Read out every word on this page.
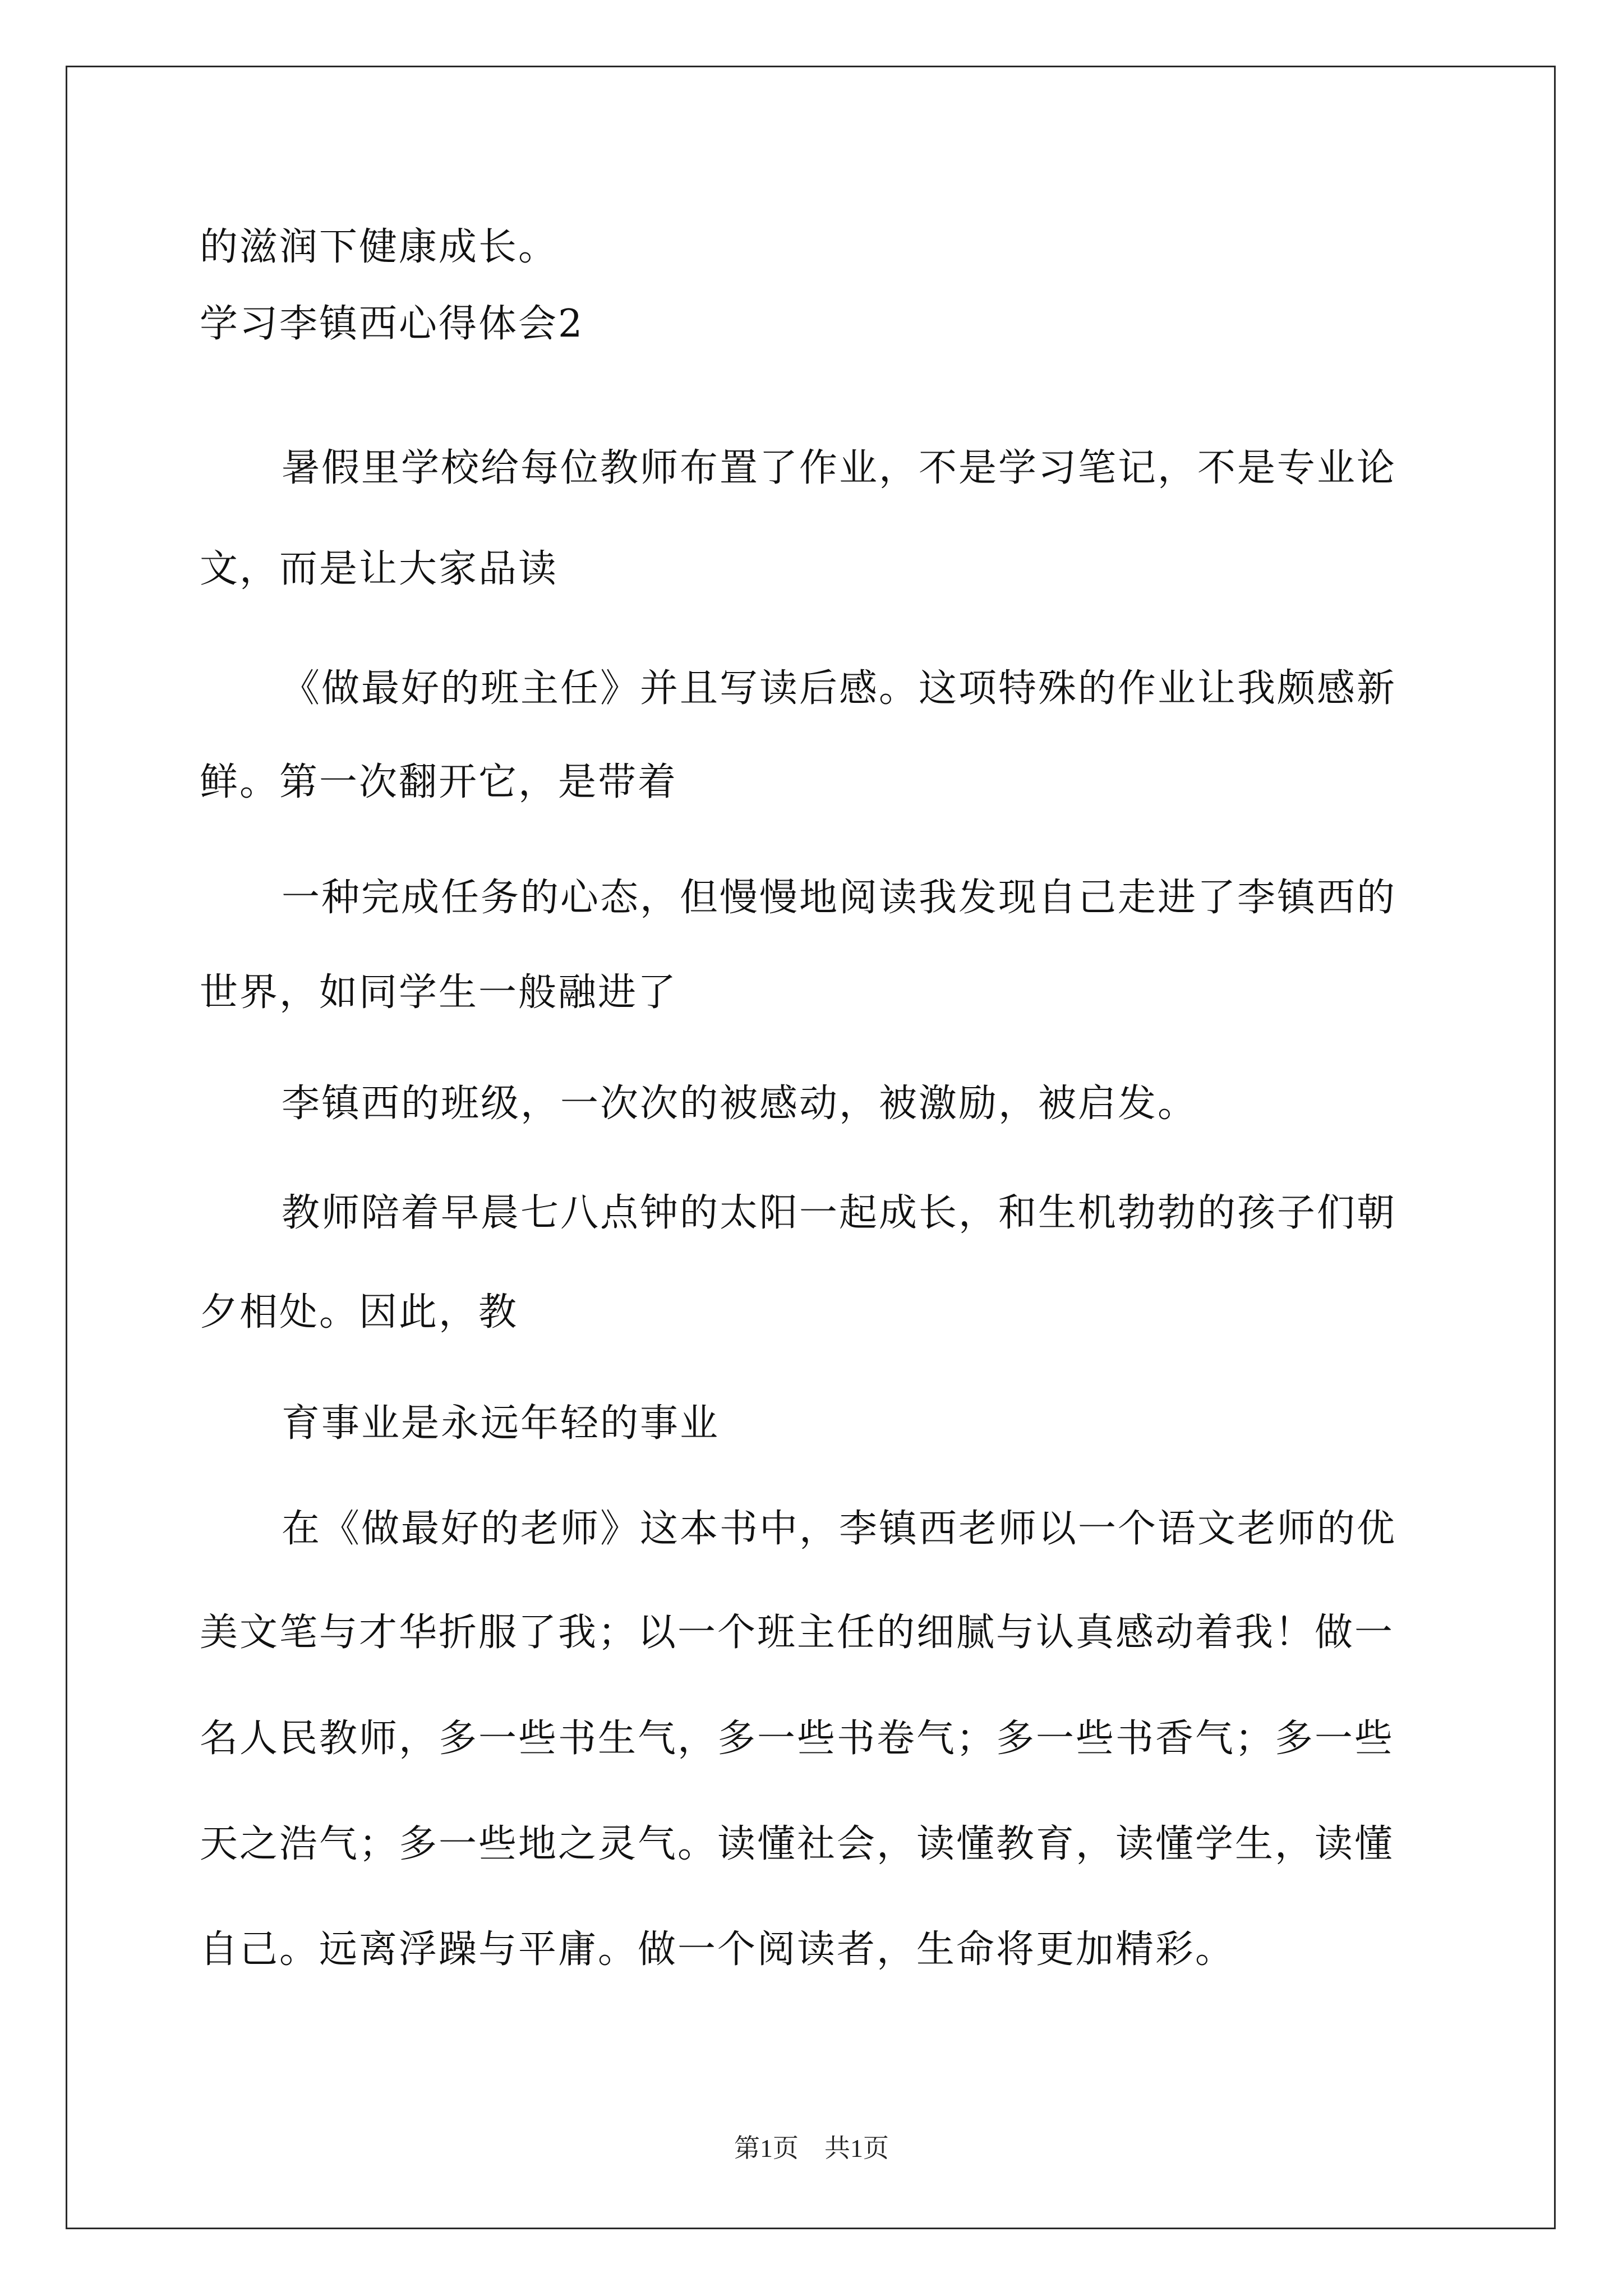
的滋润下健康成长。
学习李镇西心得体会2
暑假里学校给每位教师布置了作业，不是学习笔记，不是专业论
文，而是让大家品读
《做最好的班主任》并且写读后感。这项特殊的作业让我颇感新
鲜。第一次翻开它，是带着
一种完成任务的心态，但慢慢地阅读我发现自己走进了李镇西的
世界，如同学生一般融进了
李镇西的班级，一次次的被感动，被激励，被启发。
教师陪着早晨七八点钟的太阳一起成长，和生机勃勃的孩子们朝
夕相处。因此，教
育事业是永远年轻的事业
在《做最好的老师》这本书中，李镇西老师以一个语文老师的优
美文笔与才华折服了我；以一个班主任的细腻与认真感动着我！做一
名人民教师，多一些书生气，多一些书卷气；多一些书香气；多一些
天之浩气；多一些地之灵气。读懂社会，读懂教育，读懂学生，读懂
自己。远离浮躁与平庸。做一个阅读者，生命将更加精彩。
第1页　共1页
